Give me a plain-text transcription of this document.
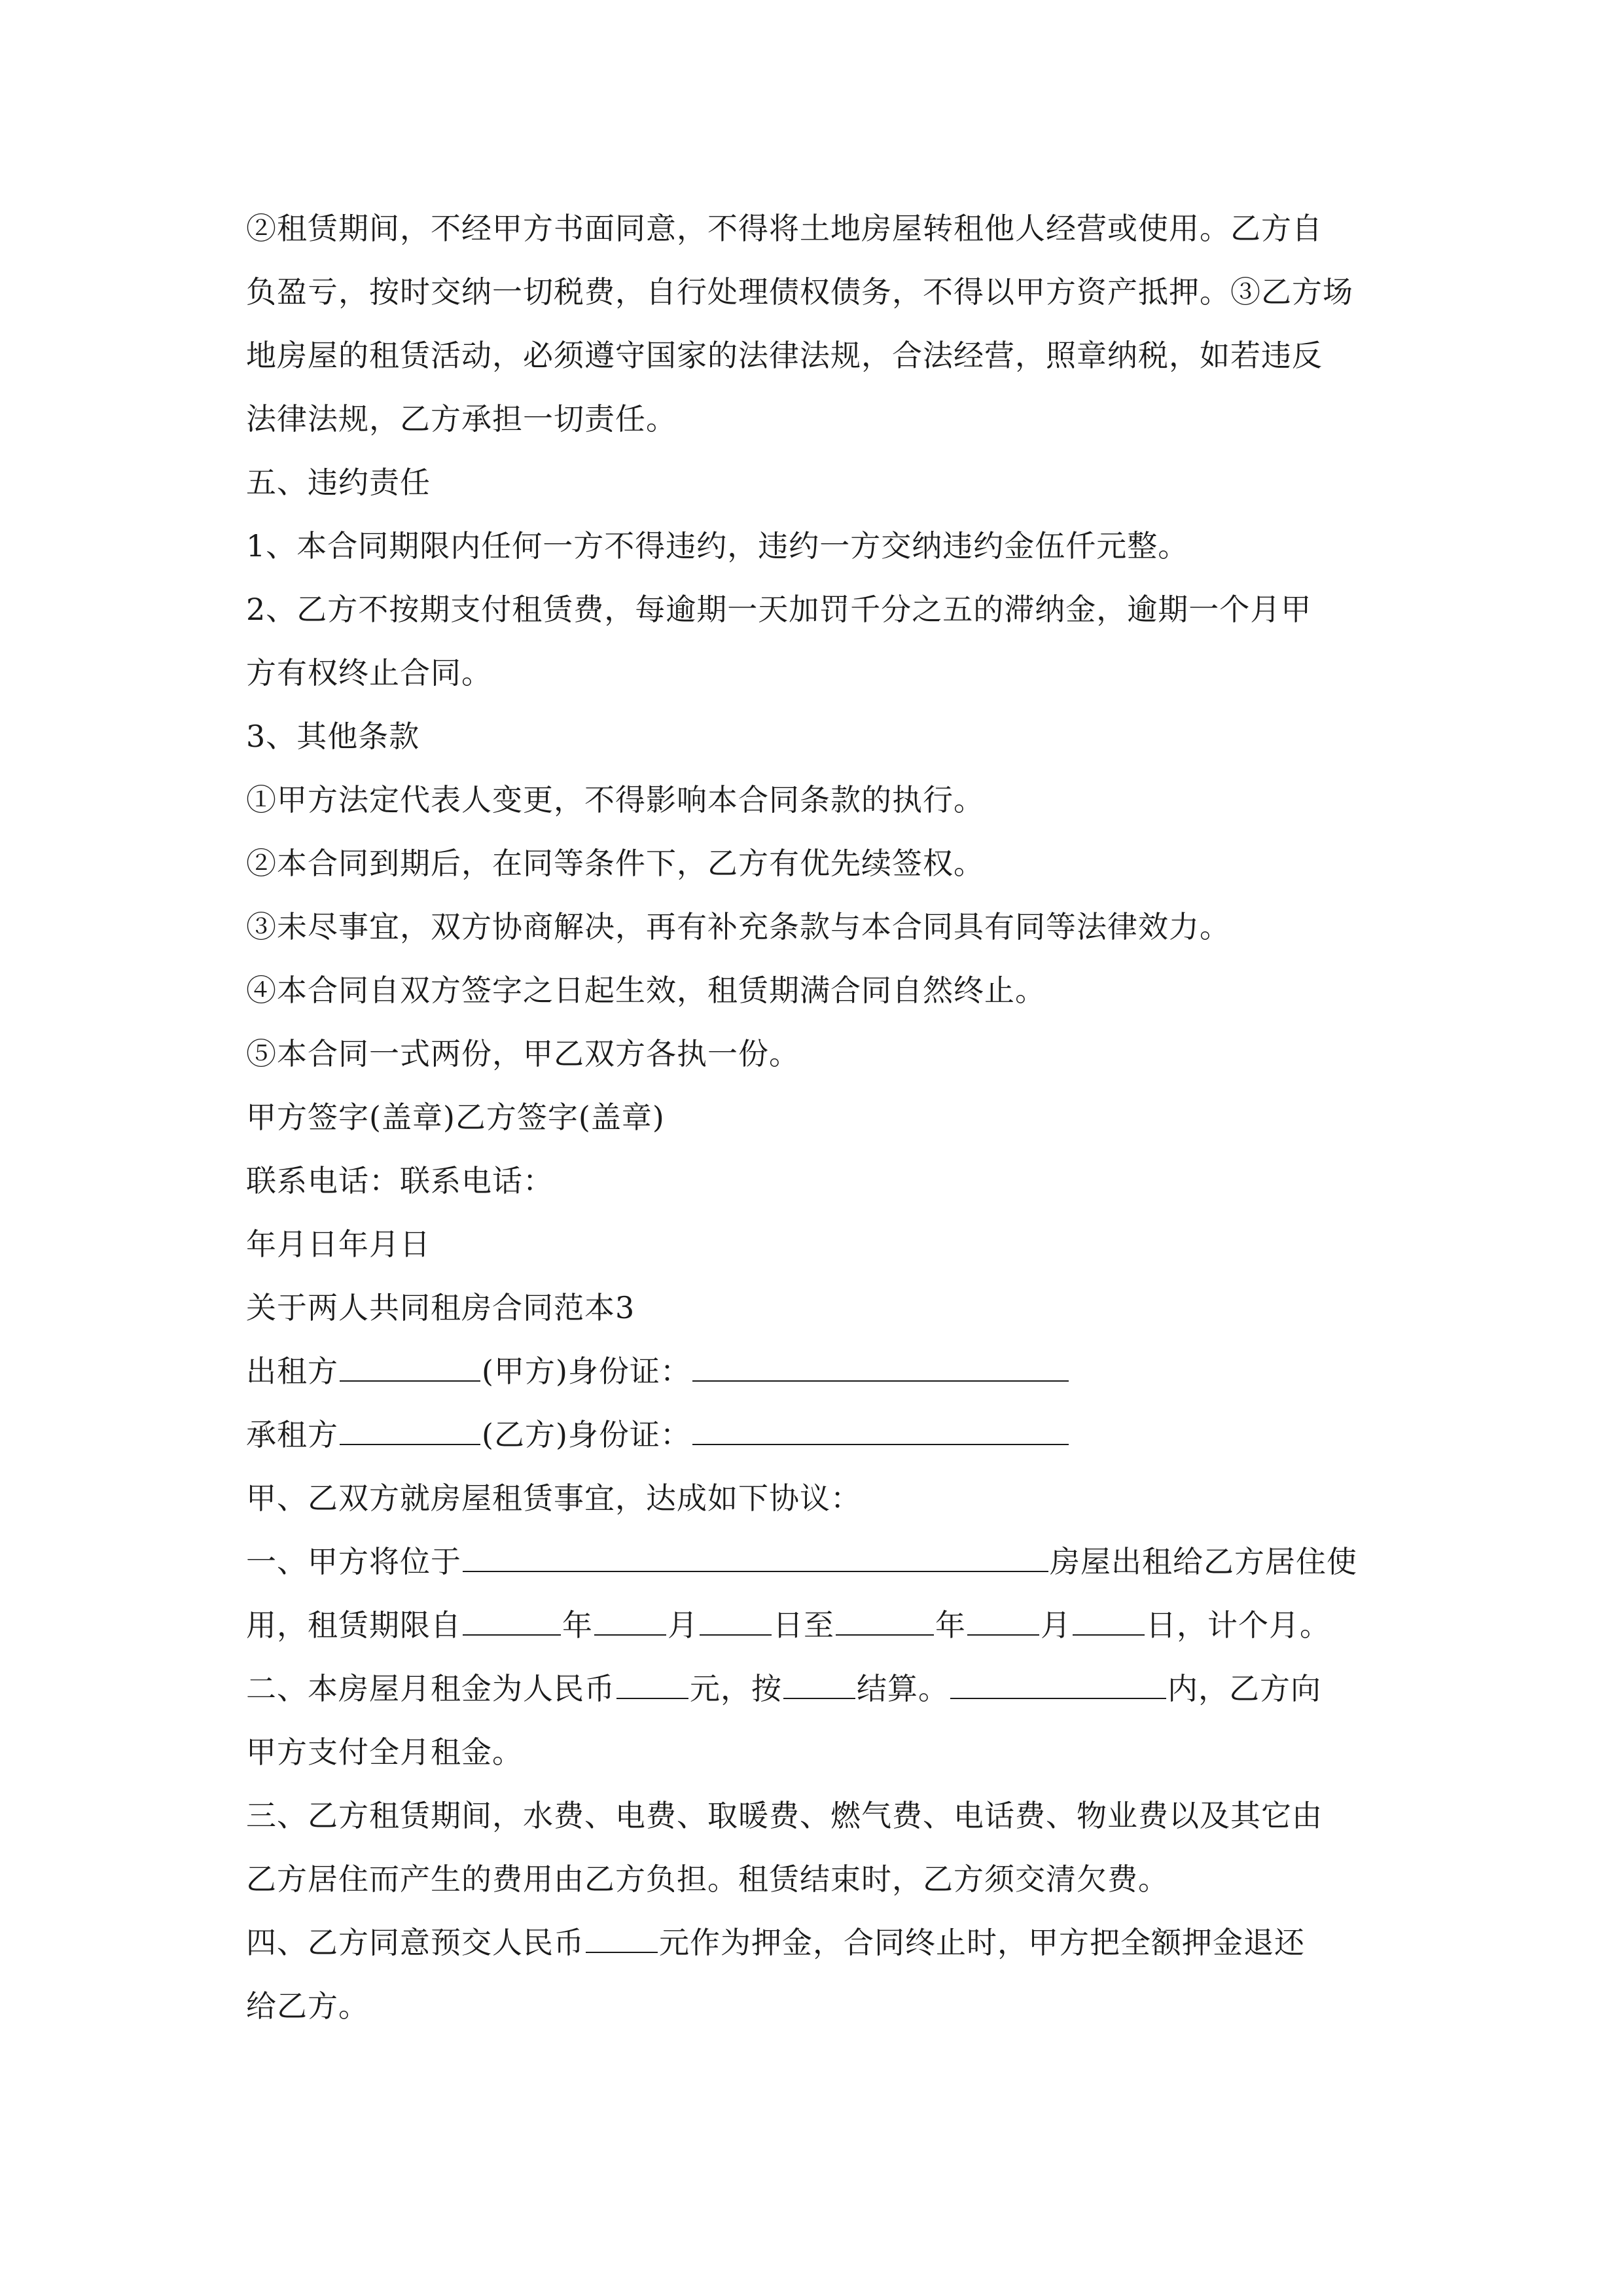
②租赁期间，不经甲方书面同意，不得将土地房屋转租他人经营或使用。乙方自
负盈亏，按时交纳一切税费，自行处理债权债务，不得以甲方资产抵押。③乙方场
地房屋的租赁活动，必须遵守国家的法律法规，合法经营，照章纳税，如若违反
法律法规，乙方承担一切责任。
五、违约责任
1、本合同期限内任何一方不得违约，违约一方交纳违约金伍仟元整。
2、乙方不按期支付租赁费，每逾期一天加罚千分之五的滞纳金，逾期一个月甲
方有权终止合同。
3、其他条款
①甲方法定代表人变更，不得影响本合同条款的执行。
②本合同到期后，在同等条件下，乙方有优先续签权。
③未尽事宜，双方协商解决，再有补充条款与本合同具有同等法律效力。
④本合同自双方签字之日起生效，租赁期满合同自然终止。
⑤本合同一式两份，甲乙双方各执一份。
甲方签字(盖章)乙方签字(盖章)
联系电话：联系电话：
年月日年月日
关于两人共同租房合同范本3
出租方	(甲方)身份证：
承租方	(乙方)身份证：
甲、乙双方就房屋租赁事宜，达成如下协议：
一、甲方将位于	房屋出租给乙方居住使
用，租赁期限自	年 月 日至	年 月 日，计个月。
二、本房屋月租金为人民币 元，按 结算。	内，乙方向
甲方支付全月租金。
三、乙方租赁期间，水费、电费、取暖费、燃气费、电话费、物业费以及其它由
乙方居住而产生的费用由乙方负担。租赁结束时，乙方须交清欠费。
四、乙方同意预交人民币 元作为押金，合同终止时，甲方把全额押金退还
给乙方。
